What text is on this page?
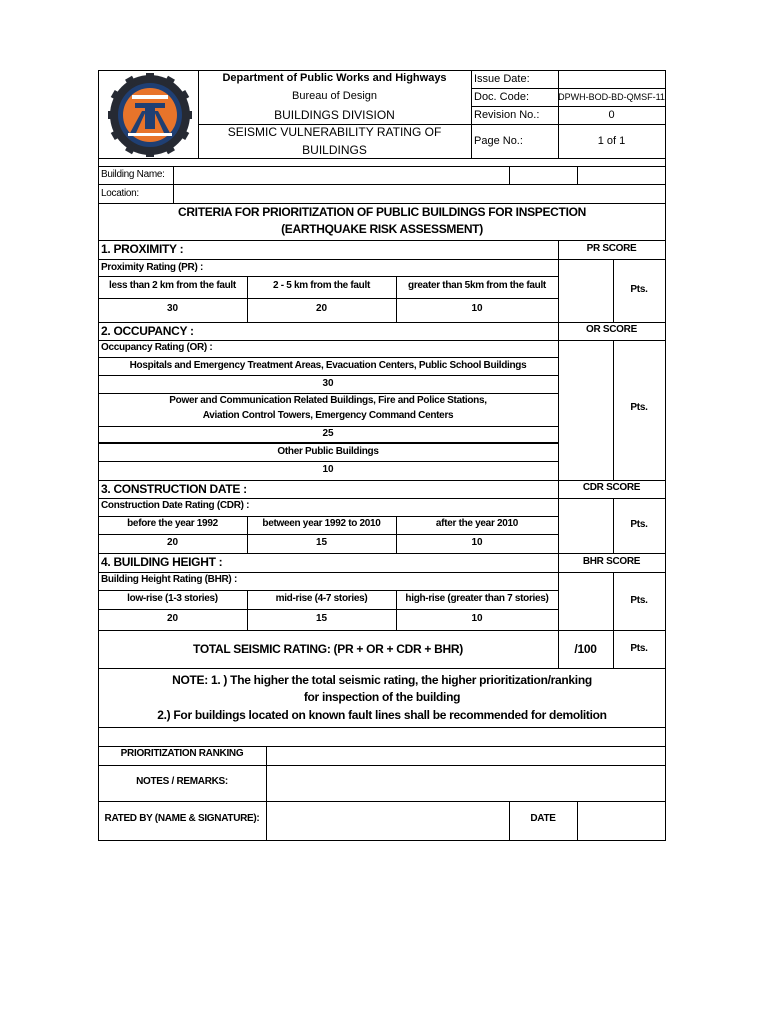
Department of Public Works and Highways
Bureau of Design
BUILDINGS DIVISION
SEISMIC VULNERABILITY RATING OF
BUILDINGS
Issue Date:
Doc. Code:	DPWH-BOD-BD-QMSF-11
Revision No.:	0
Page No.:	1 of 1
Building Name:
Location:
CRITERIA FOR PRIORITIZATION OF PUBLIC BUILDINGS FOR INSPECTION
(EARTHQUAKE RISK ASSESSMENT)
1. PROXIMITY :	PR SCORE
Proximity Rating (PR) :
less than 2 km from the fault	2 - 5 km from the fault	greater than 5km from the fault
30	20	10
Pts.
2. OCCUPANCY :	OR SCORE
Occupancy Rating (OR) :
Hospitals and Emergency Treatment Areas, Evacuation Centers, Public School Buildings
30
Power and Communication Related Buildings, Fire and Police Stations,
Aviation Control Towers, Emergency Command Centers
25
Other Public Buildings
10
Pts.
3. CONSTRUCTION DATE :	CDR SCORE
Construction Date Rating (CDR) :
before the year 1992	between year 1992 to 2010	after the year 2010
20	15	10
Pts.
4. BUILDING HEIGHT :	BHR SCORE
Building Height Rating (BHR) :
low-rise (1-3 stories)	mid-rise (4-7 stories)	high-rise (greater than 7 stories)
20	15	10
Pts.
TOTAL SEISMIC RATING: (PR + OR + CDR + BHR)	/100	Pts.
NOTE: 1. ) The higher the total seismic rating, the higher prioritization/ranking
for inspection of the building
2.) For buildings located on known fault lines shall be recommended for demolition
PRIORITIZATION RANKING
NOTES / REMARKS:
RATED BY (NAME & SIGNATURE):	DATE
